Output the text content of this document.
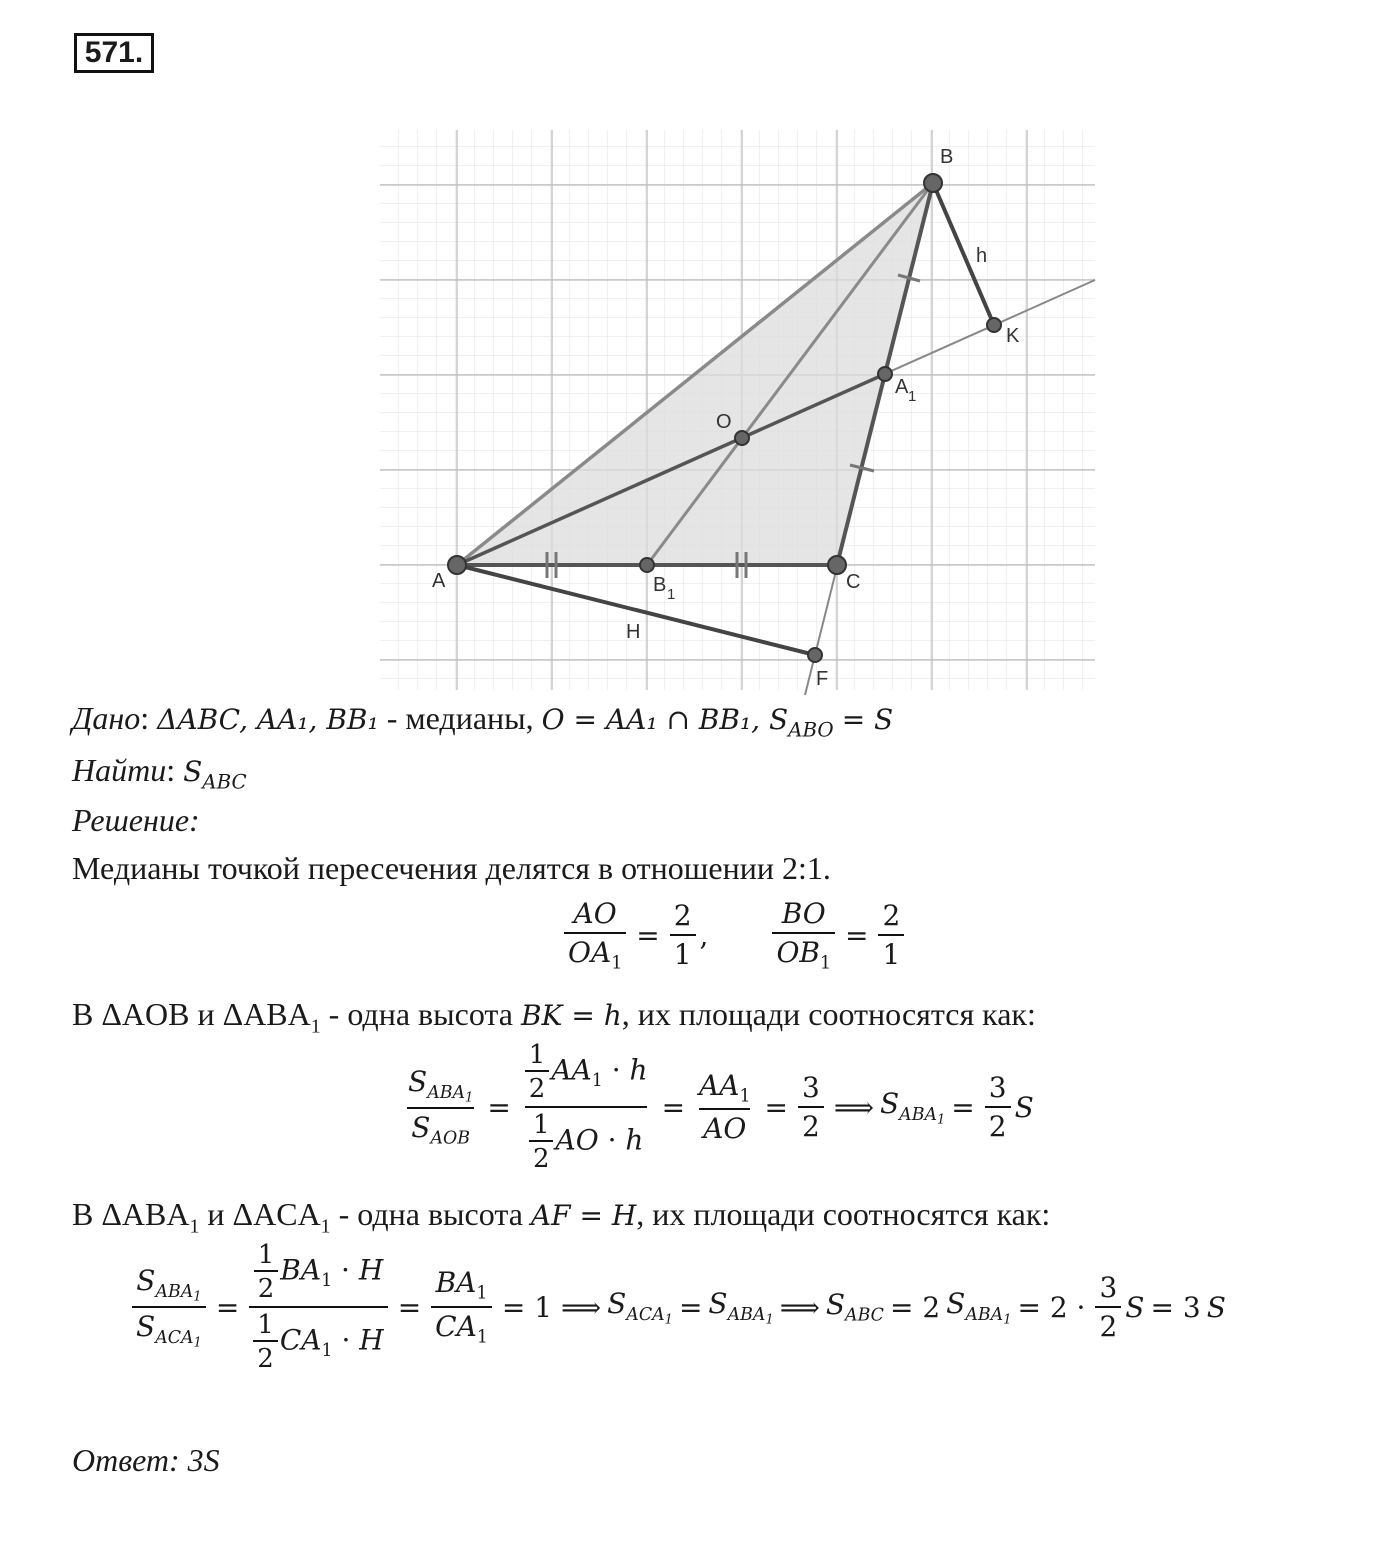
571.
B
h
K
A 1
O
A	B 1
C
H
F
Дано: ΔABC, AA₁, BB₁ - медианы, O = AA₁ ∩ BB₁, $S_{ABO} = S$
Найти: $S_{ABC}$
Решение:
Медианы точкой пересечения делятся в отношении 2:1.
$\frac{AO}{OA_1} = \frac{2}{1}$ , $\frac{BO}{OB_1} = \frac{2}{1}$
В ΔAOB и $\Delta ABA_1$ - одна высота BK = h, их площади соотносятся как:
$\frac{S_{ABA1}}{S_{AOB}} = \frac{\frac{1}{2} AA_1 \cdot h}{\frac{1}{2} AO \cdot h} = \frac{AA_1}{AO} = \frac{3}{2}$ ⟹ $S_{ABA1} = \frac{3}{2}$ S
В $\Delta ABA_1$ и $\Delta ACA_1$ - одна высота AF = H, их площади соотносятся как:
$\frac{S_{ABA1}}{S_{ACA1}} = \frac{\frac{1}{2} BA_1 \cdot H}{\frac{1}{2} CA_1 \cdot H} = \frac{BA_1}{CA_1} = 1$ ⟹ $S_{ACA1} = S_{ABA1}$ ⟹ $S_{ABC} = 2$ $S_{ABA1} = 2 \cdot \frac{3}{2}$ S = 3 S
Ответ: 3S
